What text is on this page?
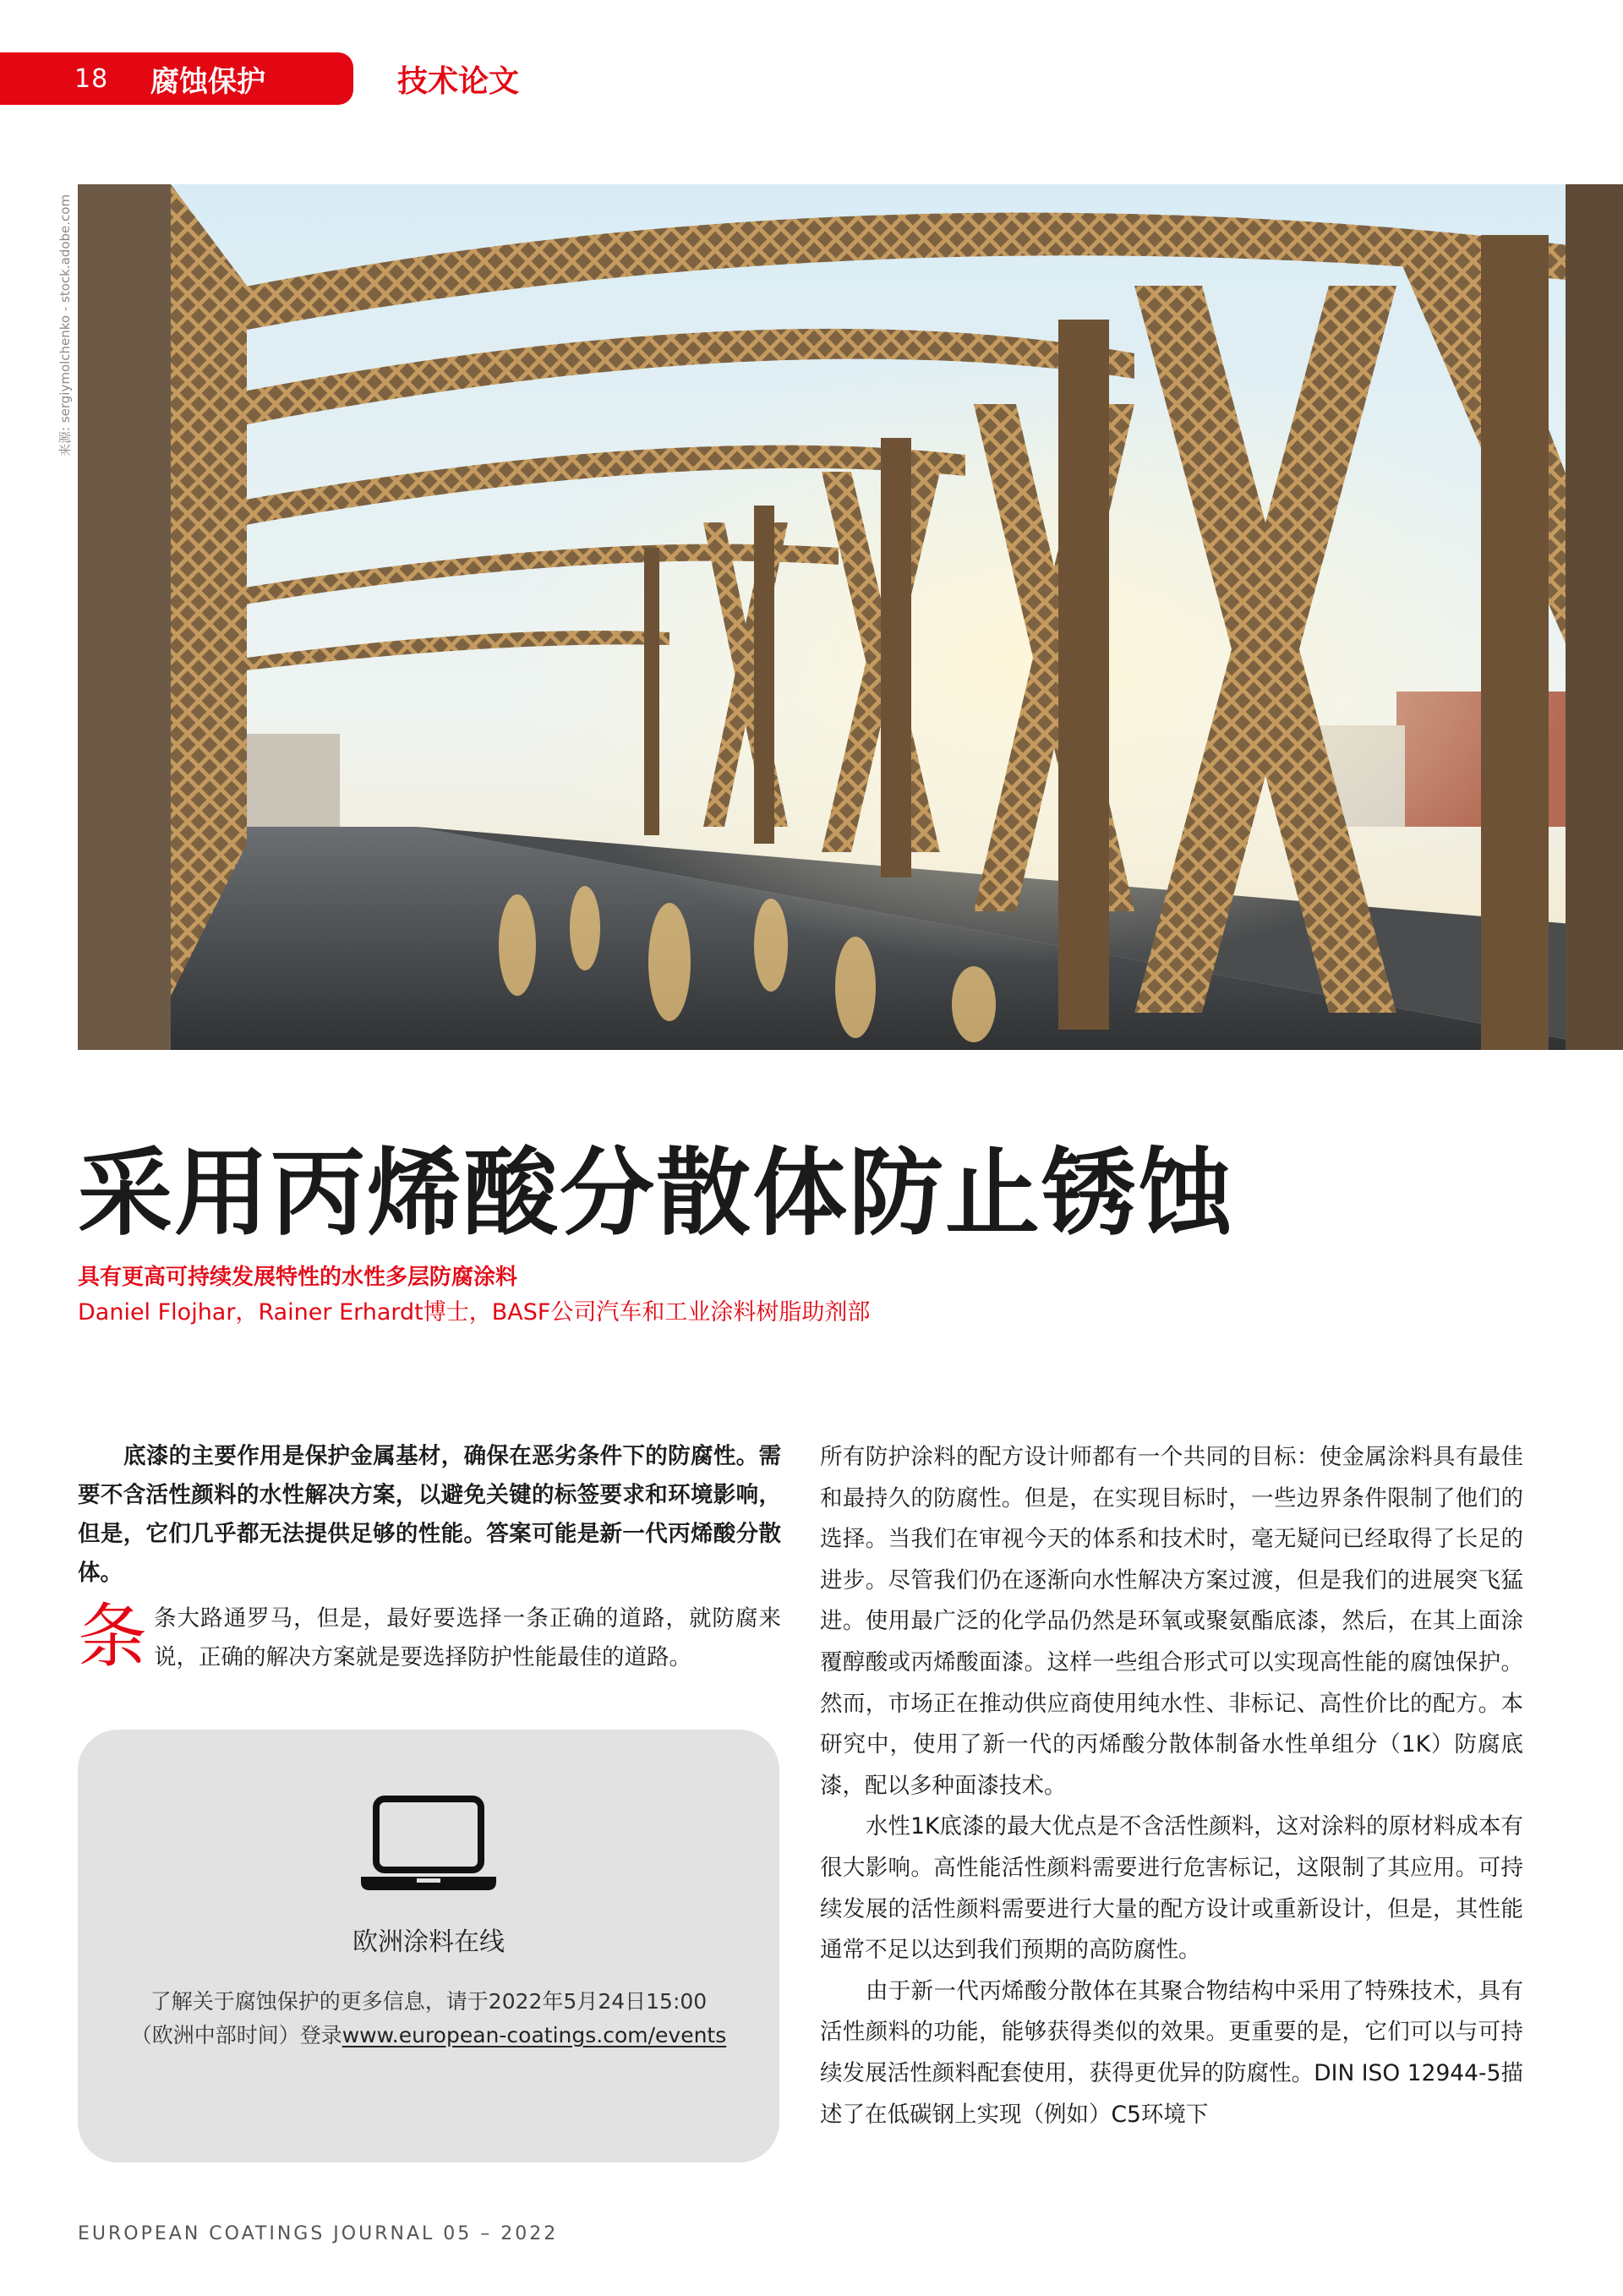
18	腐蚀保护	技术论文
来源: sergiymolchenko - stock.adobe.com
采用丙烯酸分散体防止锈蚀
具有更高可持续发展特性的水性多层防腐涂料
Daniel Flojhar，Rainer Erhardt博士，BASF公司汽车和工业涂料树脂助剂部

底漆的主要作用是保护金属基材，确保在恶劣条件下的防腐性。需要不含活性颜料的水性解决方案，以避免关键的标签要求和环境影响，但是，它们几乎都无法提供足够的性能。答案可能是新一代丙烯酸分散体。

条条大路通罗马，但是，最好要选择一条正确的道路，就防腐来说，正确的解决方案就是要选择防护性能最佳的道路。

欧洲涂料在线
了解关于腐蚀保护的更多信息，请于2022年5月24日15:00
（欧洲中部时间）登录www.european-coatings.com/events

所有防护涂料的配方设计师都有一个共同的目标：使金属涂料具有最佳和最持久的防腐性。但是，在实现目标时，一些边界条件限制了他们的选择。当我们在审视今天的体系和技术时，毫无疑问已经取得了长足的进步。尽管我们仍在逐渐向水性解决方案过渡，但是我们的进展突飞猛进。使用最广泛的化学品仍然是环氧或聚氨酯底漆，然后，在其上面涂覆醇酸或丙烯酸面漆。这样一些组合形式可以实现高性能的腐蚀保护。然而，市场正在推动供应商使用纯水性、非标记、高性价比的配方。本研究中，使用了新一代的丙烯酸分散体制备水性单组分（1K）防腐底漆，配以多种面漆技术。

水性1K底漆的最大优点是不含活性颜料，这对涂料的原材料成本有很大影响。高性能活性颜料需要进行危害标记，这限制了其应用。可持续发展的活性颜料需要进行大量的配方设计或重新设计，但是，其性能通常不足以达到我们预期的高防腐性。

由于新一代丙烯酸分散体在其聚合物结构中采用了特殊技术，具有活性颜料的功能，能够获得类似的效果。更重要的是，它们可以与可持续发展活性颜料配套使用，获得更优异的防腐性。DIN ISO 12944-5描述了在低碳钢上实现（例如）C5环境下

EUROPEAN COATINGS JOURNAL 05 – 2022
